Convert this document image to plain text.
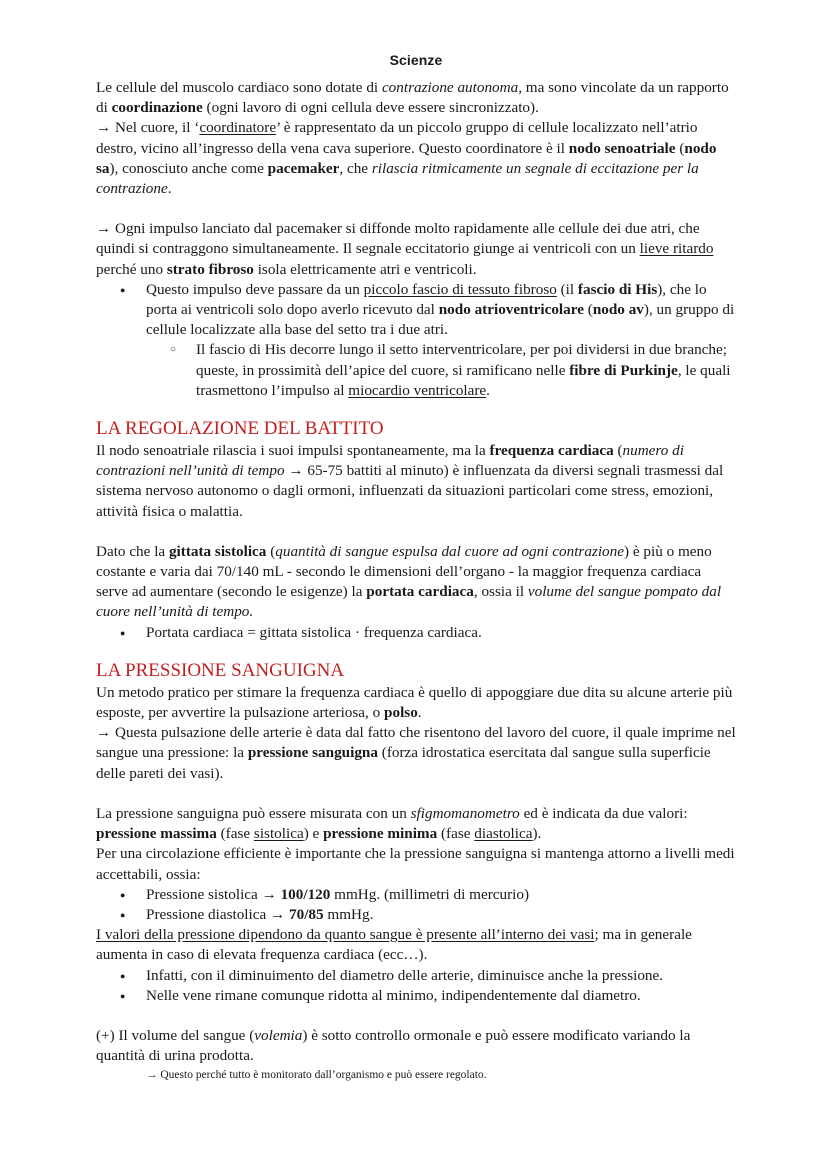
Scienze

Le cellule del muscolo cardiaco sono dotate di contrazione autonoma, ma sono vincolate da un rapporto di coordinazione (ogni lavoro di ogni cellula deve essere sincronizzato).

→ Nel cuore, il ‘coordinatore’ è rappresentato da un piccolo gruppo di cellule localizzato nell’atrio destro, vicino all’ingresso della vena cava superiore. Questo coordinatore è il nodo senoatriale (nodo sa), conosciuto anche come pacemaker, che rilascia ritmicamente un segnale di eccitazione per la contrazione.

→ Ogni impulso lanciato dal pacemaker si diffonde molto rapidamente alle cellule dei due atri, che quindi si contraggono simultaneamente. Il segnale eccitatorio giunge ai ventricoli con un lieve ritardo perché uno strato fibroso isola elettricamente atri e ventricoli.

● Questo impulso deve passare da un piccolo fascio di tessuto fibroso (il fascio di His), che lo porta ai ventricoli solo dopo averlo ricevuto dal nodo atrioventricolare (nodo av), un gruppo di cellule localizzate alla base del setto tra i due atri.
○ Il fascio di His decorre lungo il setto interventricolare, per poi dividersi in due branche; queste, in prossimità dell’apice del cuore, si ramificano nelle fibre di Purkinje, le quali trasmettono l’impulso al miocardio ventricolare.
LA REGOLAZIONE DEL BATTITO

Il nodo senoatriale rilascia i suoi impulsi spontaneamente, ma la frequenza cardiaca (numero di contrazioni nell’unità di tempo → 65-75 battiti al minuto) è influenzata da diversi segnali trasmessi dal sistema nervoso autonomo o dagli ormoni, influenzati da situazioni particolari come stress, emozioni, attività fisica o malattia.

Dato che la gittata sistolica (quantità di sangue espulsa dal cuore ad ogni contrazione) è più o meno costante e varia dai 70/140 mL - secondo le dimensioni dell’organo - la maggior frequenza cardiaca serve ad aumentare (secondo le esigenze) la portata cardiaca, ossia il volume del sangue pompato dal cuore nell’unità di tempo.

● Portata cardiaca = gittata sistolica · frequenza cardiaca.
LA PRESSIONE SANGUIGNA

Un metodo pratico per stimare la frequenza cardiaca è quello di appoggiare due dita su alcune arterie più esposte, per avvertire la pulsazione arteriosa, o polso.

→ Questa pulsazione delle arterie è data dal fatto che risentono del lavoro del cuore, il quale imprime nel sangue una pressione: la pressione sanguigna (forza idrostatica esercitata dal sangue sulla superficie delle pareti dei vasi).

La pressione sanguigna può essere misurata con un sfigmomanometro ed è indicata da due valori: pressione massima (fase sistolica) e pressione minima (fase diastolica).

Per una circolazione efficiente è importante che la pressione sanguigna si mantenga attorno a livelli medi accettabili, ossia:

● Pressione sistolica → 100/120 mmHg. (millimetri di mercurio)
● Pressione diastolica → 70/85 mmHg.

I valori della pressione dipendono da quanto sangue è presente all’interno dei vasi; ma in generale aumenta in caso di elevata frequenza cardiaca (ecc…).

● Infatti, con il diminuimento del diametro delle arterie, diminuisce anche la pressione.
● Nelle vene rimane comunque ridotta al minimo, indipendentemente dal diametro.

(+) Il volume del sangue (volemia) è sotto controllo ormonale e può essere modificato variando la quantità di urina prodotta.

→ Questo perché tutto è monitorato dall’organismo e può essere regolato.
